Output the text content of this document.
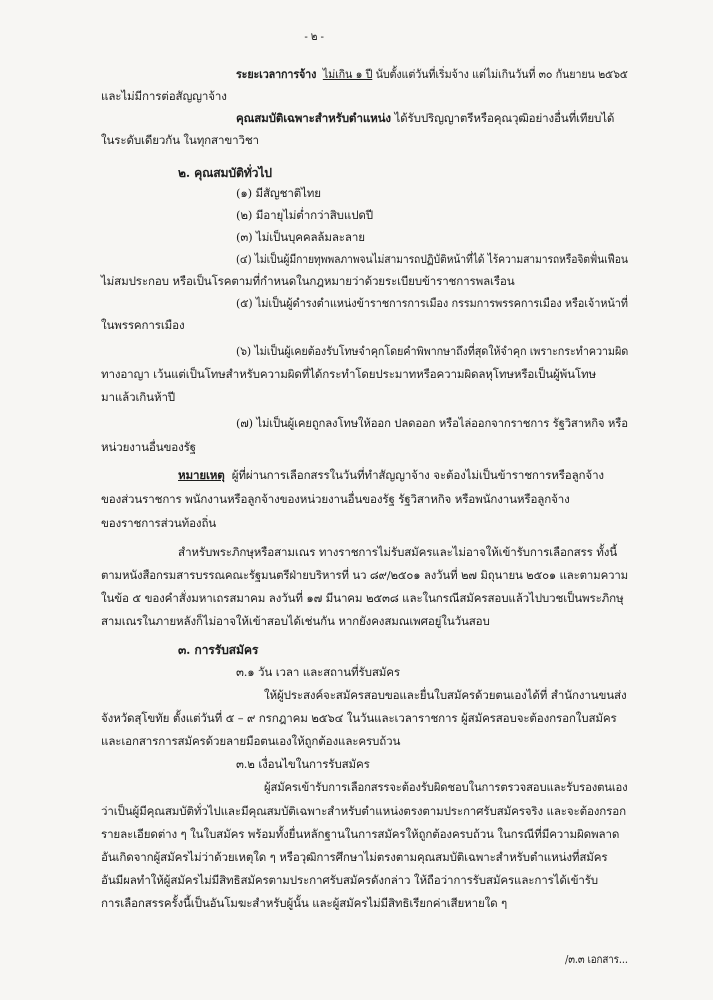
- ๒ -
ระยะเวลาการจ้าง ไม่เกิน ๑ ปี นับตั้งแต่วันที่เริ่มจ้าง แต่ไม่เกินวันที่ ๓๐ กันยายน ๒๕๖๕
และไม่มีการต่อสัญญาจ้าง
คุณสมบัติเฉพาะสำหรับตำแหน่ง ได้รับปริญญาตรีหรือคุณวุฒิอย่างอื่นที่เทียบได้
ในระดับเดียวกัน ในทุกสาขาวิชา
๒. คุณสมบัติทั่วไป
(๑) มีสัญชาติไทย
(๒) มีอายุไม่ต่ำกว่าสิบแปดปี
(๓) ไม่เป็นบุคคลล้มละลาย
(๔) ไม่เป็นผู้มีกายทุพพลภาพจนไม่สามารถปฏิบัติหน้าที่ได้ ไร้ความสามารถหรือจิตฟั่นเฟือน
ไม่สมประกอบ หรือเป็นโรคตามที่กำหนดในกฎหมายว่าด้วยระเบียบข้าราชการพลเรือน
(๕) ไม่เป็นผู้ดำรงตำแหน่งข้าราชการการเมือง กรรมการพรรคการเมือง หรือเจ้าหน้าที่
ในพรรคการเมือง
(๖) ไม่เป็นผู้เคยต้องรับโทษจำคุกโดยคำพิพากษาถึงที่สุดให้จำคุก เพราะกระทำความผิด
ทางอาญา เว้นแต่เป็นโทษสำหรับความผิดที่ได้กระทำโดยประมาทหรือความผิดลหุโทษหรือเป็นผู้พ้นโทษ
มาแล้วเกินห้าปี
(๗) ไม่เป็นผู้เคยถูกลงโทษให้ออก ปลดออก หรือไล่ออกจากราชการ รัฐวิสาหกิจ หรือ
หน่วยงานอื่นของรัฐ
หมายเหตุ ผู้ที่ผ่านการเลือกสรรในวันที่ทำสัญญาจ้าง จะต้องไม่เป็นข้าราชการหรือลูกจ้าง
ของส่วนราชการ พนักงานหรือลูกจ้างของหน่วยงานอื่นของรัฐ รัฐวิสาหกิจ หรือพนักงานหรือลูกจ้าง
ของราชการส่วนท้องถิ่น
สำหรับพระภิกษุหรือสามเณร ทางราชการไม่รับสมัครและไม่อาจให้เข้ารับการเลือกสรร ทั้งนี้
ตามหนังสือกรมสารบรรณคณะรัฐมนตรีฝ่ายบริหารที่ นว ๘๙/๒๕๐๑ ลงวันที่ ๒๗ มิถุนายน ๒๕๐๑ และตามความ
ในข้อ ๕ ของคำสั่งมหาเถรสมาคม ลงวันที่ ๑๗ มีนาคม ๒๕๓๘ และในกรณีสมัครสอบแล้วไปบวชเป็นพระภิกษุ
สามเณรในภายหลังก็ไม่อาจให้เข้าสอบได้เช่นกัน หากยังคงสมณเพศอยู่ในวันสอบ
๓. การรับสมัคร
๓.๑ วัน เวลา และสถานที่รับสมัคร
ให้ผู้ประสงค์จะสมัครสอบขอและยื่นใบสมัครด้วยตนเองได้ที่ สำนักงานขนส่ง
จังหวัดสุโขทัย ตั้งแต่วันที่ ๕ – ๙ กรกฎาคม ๒๕๖๔ ในวันและเวลาราชการ ผู้สมัครสอบจะต้องกรอกใบสมัคร
และเอกสารการสมัครด้วยลายมือตนเองให้ถูกต้องและครบถ้วน
๓.๒ เงื่อนไขในการรับสมัคร
ผู้สมัครเข้ารับการเลือกสรรจะต้องรับผิดชอบในการตรวจสอบและรับรองตนเอง
ว่าเป็นผู้มีคุณสมบัติทั่วไปและมีคุณสมบัติเฉพาะสำหรับตำแหน่งตรงตามประกาศรับสมัครจริง และจะต้องกรอก
รายละเอียดต่าง ๆ ในใบสมัคร พร้อมทั้งยื่นหลักฐานในการสมัครให้ถูกต้องครบถ้วน ในกรณีที่มีความผิดพลาด
อันเกิดจากผู้สมัครไม่ว่าด้วยเหตุใด ๆ หรือวุฒิการศึกษาไม่ตรงตามคุณสมบัติเฉพาะสำหรับตำแหน่งที่สมัคร
อันมีผลทำให้ผู้สมัครไม่มีสิทธิสมัครตามประกาศรับสมัครดังกล่าว ให้ถือว่าการรับสมัครและการได้เข้ารับ
การเลือกสรรครั้งนี้เป็นอันโมฆะสำหรับผู้นั้น และผู้สมัครไม่มีสิทธิเรียกค่าเสียหายใด ๆ
/๓.๓ เอกสาร...
